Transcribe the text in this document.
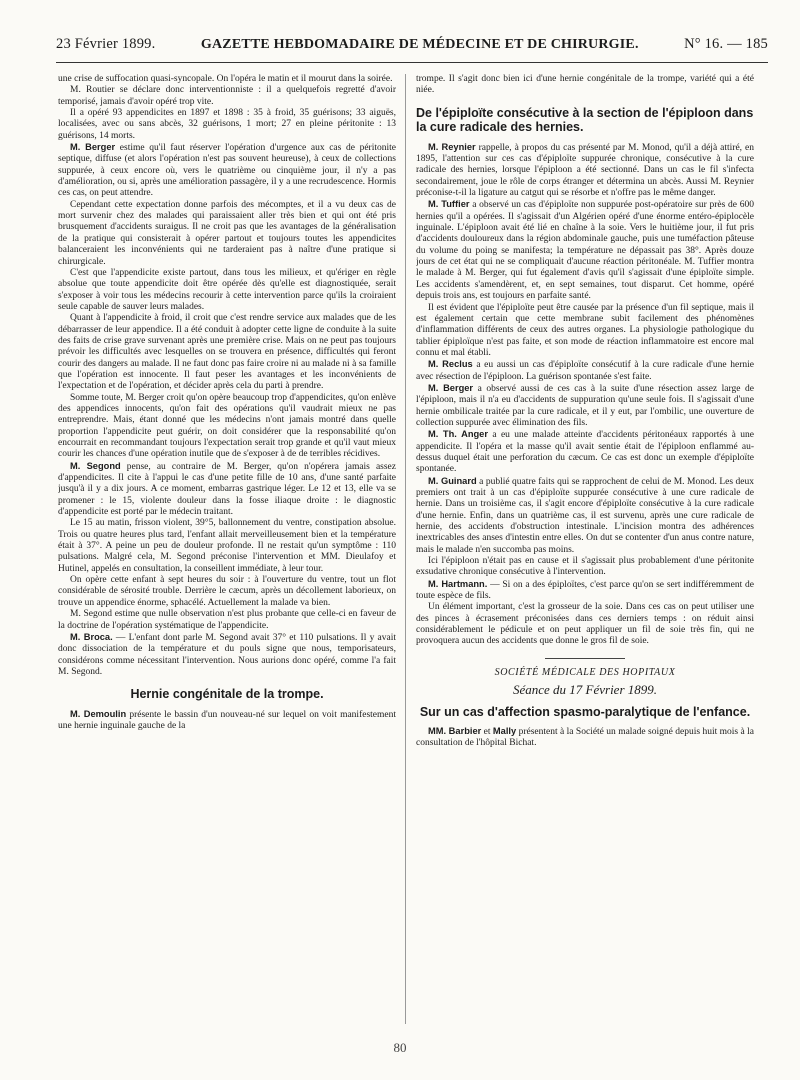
23 Février 1899.	GAZETTE HEBDOMADAIRE DE MÉDECINE ET DE CHIRURGIE.	N° 16. — 185

une crise de suffocation quasi-syncopale. On l'opéra le matin et il mourut dans la soirée.

M. Routier se déclare donc interventionniste : il a quelquefois regretté d'avoir temporisé, jamais d'avoir opéré trop vite.

Il a opéré 93 appendicites en 1897 et 1898 : 35 à froid, 35 guérisons; 33 aiguës, localisées, avec ou sans abcès, 32 guérisons, 1 mort; 27 en pleine péritonite : 13 guérisons, 14 morts.

M. Berger estime qu'il faut réserver l'opération d'urgence aux cas de péritonite septique, diffuse (et alors l'opération n'est pas souvent heureuse), à ceux de collections suppurée, à ceux encore où, vers le quatrième ou cinquième jour, il n'y a pas d'amélioration, ou si, après une amélioration passagère, il y a une recrudescence. Hormis ces cas, on peut attendre.

Cependant cette expectation donne parfois des mécomptes, et il a vu deux cas de mort survenir chez des malades qui paraissaient aller très bien et qui ont été pris brusquement d'accidents suraigus. Il ne croit pas que les avantages de la généralisation de la pratique qui consisterait à opérer partout et toujours toutes les appendicites balanceraient les inconvénients qui ne tarderaient pas à naître d'une pratique si chirurgicale.

C'est que l'appendicite existe partout, dans tous les milieux, et qu'ériger en règle absolue que toute appendicite doit être opérée dès qu'elle est diagnostiquée, serait s'exposer à voir tous les médecins recourir à cette intervention parce qu'ils la croiraient seule capable de sauver leurs malades.

Quant à l'appendicite à froid, il croit que c'est rendre service aux malades que de les débarrasser de leur appendice. Il a été conduit à adopter cette ligne de conduite à la suite des faits de crise grave survenant après une première crise. Mais on ne peut pas toujours prévoir les difficultés avec lesquelles on se trouvera en présence, difficultés qui feront courir des dangers au malade. Il ne faut donc pas faire croire ni au malade ni à sa famille que l'opération est innocente. Il faut peser les avantages et les inconvénients de l'expectation et de l'opération, et décider après cela du parti à prendre.

Somme toute, M. Berger croit qu'on opère beaucoup trop d'appendicites, qu'on enlève des appendices innocents, qu'on fait des opérations qu'il vaudrait mieux ne pas entreprendre. Mais, étant donné que les médecins n'ont jamais montré dans quelle proportion l'appendicite peut guérir, on doit considérer que la responsabilité qu'on encourrait en recommandant toujours l'expectation serait trop grande et qu'il vaut mieux courir les chances d'une opération inutile que de s'exposer à de de terribles récidives.

M. Segond pense, au contraire de M. Berger, qu'on n'opérera jamais assez d'appendicites. Il cite à l'appui le cas d'une petite fille de 10 ans, d'une santé parfaite jusqu'à il y a dix jours. A ce moment, embarras gastrique léger. Le 12 et 13, elle va se promener : le 15, violente douleur dans la fosse iliaque droite : le diagnostic d'appendicite est porté par le médecin traitant.

Le 15 au matin, frisson violent, 39°5, ballonnement du ventre, constipation absolue. Trois ou quatre heures plus tard, l'enfant allait merveilleusement bien et la température était à 37°. A peine un peu de douleur profonde. Il ne restait qu'un symptôme : 110 pulsations. Malgré cela, M. Segond préconise l'intervention et MM. Dieulafoy et Hutinel, appelés en consultation, la conseillent immédiate, à leur tour.

On opère cette enfant à sept heures du soir : à l'ouverture du ventre, tout un flot considérable de sérosité trouble. Derrière le cæcum, après un décollement laborieux, on trouve un appendice énorme, sphacélé. Actuellement la malade va bien.

M. Segond estime que nulle observation n'est plus probante que celle-ci en faveur de la doctrine de l'opération systématique de l'appendicite.

M. Broca. — L'enfant dont parle M. Segond avait 37° et 110 pulsations. Il y avait donc dissociation de la température et du pouls signe que nous, temporisateurs, considérons comme nécessitant l'intervention. Nous aurions donc opéré, comme l'a fait M. Segond.

Hernie congénitale de la trompe.

M. Demoulin présente le bassin d'un nouveau-né sur lequel on voit manifestement une hernie inguinale gauche de la

trompe. Il s'agit donc bien ici d'une hernie congénitale de la trompe, variété qui a été niée.

De l'épiploïte consécutive à la section de l'épiploon dans la cure radicale des hernies.

M. Reynier rappelle, à propos du cas présenté par M. Monod, qu'il a déjà attiré, en 1895, l'attention sur ces cas d'épiploïte suppurée chronique, consécutive à la cure radicale des hernies, lorsque l'épiploon a été sectionné. Dans un cas le fil s'infecta secondairement, joue le rôle de corps étranger et détermina un abcès. Aussi M. Reynier préconise-t-il la ligature au catgut qui se résorbe et n'offre pas le même danger.

M. Tuffier a observé un cas d'épiploïte non suppurée post-opératoire sur près de 600 hernies qu'il a opérées. Il s'agissait d'un Algérien opéré d'une énorme entéro-épiplocèle inguinale. L'épiploon avait été lié en chaîne à la soie. Vers le huitième jour, il fut pris d'accidents douloureux dans la région abdominale gauche, puis une tuméfaction pâteuse du volume du poing se manifesta; la température ne dépassait pas 38°. Après douze jours de cet état qui ne se compliquait d'aucune réaction péritonéale. M. Tuffier montra le malade à M. Berger, qui fut également d'avis qu'il s'agissait d'une épiploïte simple. Les accidents s'amendèrent, et, en sept semaines, tout disparut. Cet homme, opéré depuis trois ans, est toujours en parfaite santé.

Il est évident que l'épiploïte peut être causée par la présence d'un fil septique, mais il est également certain que cette membrane subit facilement des phénomènes d'inflammation différents de ceux des autres organes. La physiologie pathologique du tablier épiploïque n'est pas faite, et son mode de réaction inflammatoire est encore mal connu et mal établi.

M. Reclus a eu aussi un cas d'épiploïte consécutif à la cure radicale d'une hernie avec résection de l'épiploon. La guérison spontanée s'est faite.

M. Berger a observé aussi de ces cas à la suite d'une résection assez large de l'épiploon, mais il n'a eu d'accidents de suppuration qu'une seule fois. Il s'agissait d'une hernie ombilicale traitée par la cure radicale, et il y eut, par l'ombilic, une ouverture de collection suppurée avec élimination des fils.

M. Th. Anger a eu une malade atteinte d'accidents péritonéaux rapportés à une appendicite. Il l'opéra et la masse qu'il avait sentie était de l'épiploon enflammé au-dessus duquel était une perforation du cæcum. Ce cas est donc un exemple d'épiploïte spontanée.

M. Guinard a publié quatre faits qui se rapprochent de celui de M. Monod. Les deux premiers ont trait à un cas d'épiploïte suppurée consécutive à une cure radicale de hernie. Dans un troisième cas, il s'agit encore d'épiploïte consécutive à la cure radicale d'une hernie. Enfin, dans un quatrième cas, il est survenu, après une cure radicale de hernie, des accidents d'obstruction intestinale. L'incision montra des adhérences inextricables des anses d'intestin entre elles. On dut se contenter d'un anus contre nature, mais le malade n'en succomba pas moins.

Ici l'épiploon n'était pas en cause et il s'agissait plus probablement d'une péritonite exsudative chronique consécutive à l'intervention.

M. Hartmann. — Si on a des épiploïtes, c'est parce qu'on se sert indifféremment de toute espèce de fils.

Un élément important, c'est la grosseur de la soie. Dans ces cas on peut utiliser une des pinces à écrasement préconisées dans ces derniers temps : on réduit ainsi considérablement le pédicule et on peut appliquer un fil de soie très fin, qui ne provoquera aucun des accidents que donne le gros fil de soie.

SOCIÉTÉ MÉDICALE DES HOPITAUX
Séance du 17 Février 1899.
Sur un cas d'affection spasmo-paralytique de l'enfance.

MM. Barbier et Mally présentent à la Société un malade soigné depuis huit mois à la consultation de l'hôpital Bichat.

80
